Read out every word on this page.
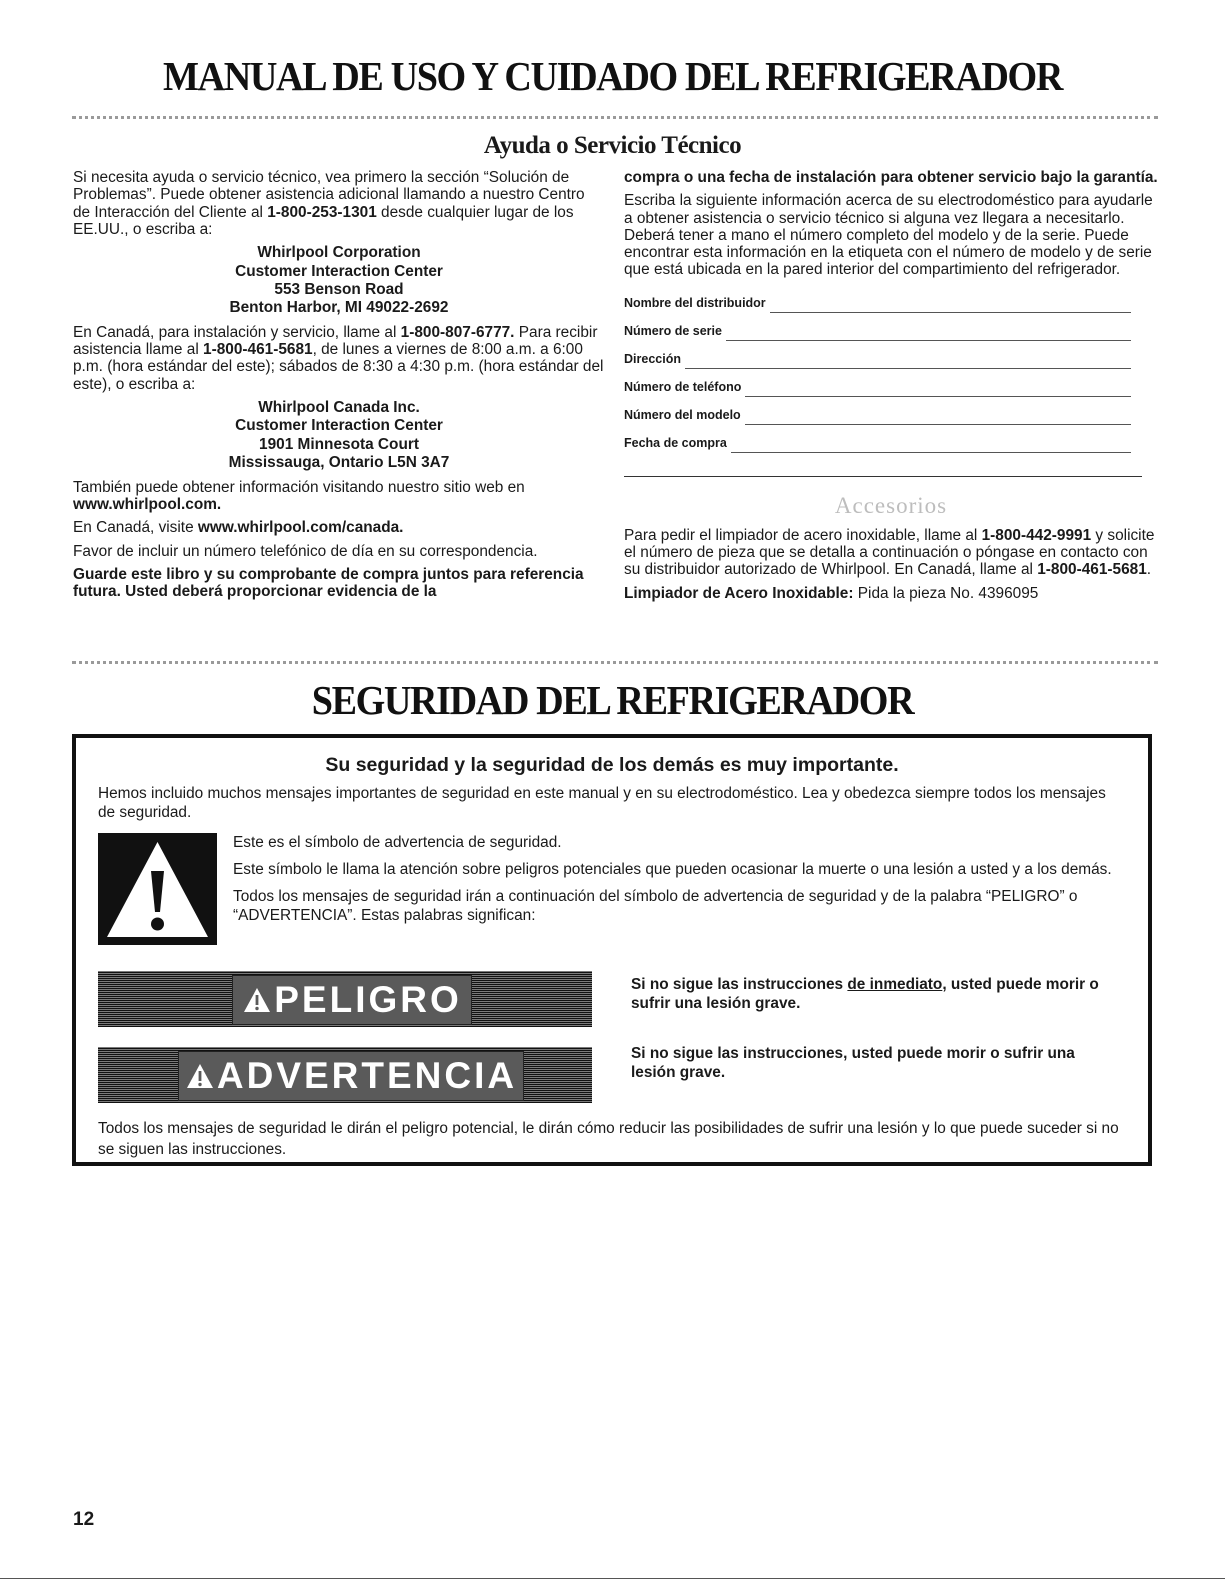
MANUAL DE USO Y CUIDADO DEL REFRIGERADOR
Ayuda o Servicio Técnico

Si necesita ayuda o servicio técnico, vea primero la sección “Solución de Problemas”. Puede obtener asistencia adicional llamando a nuestro Centro de Interacción del Cliente al 1-800-253-1301 desde cualquier lugar de los EE.UU., o escriba a:

Whirlpool Corporation
Customer Interaction Center
553 Benson Road
Benton Harbor, MI 49022-2692

En Canadá, para instalación y servicio, llame al 1-800-807-6777. Para recibir asistencia llame al 1-800-461-5681, de lunes a viernes de 8:00 a.m. a 6:00 p.m. (hora estándar del este); sábados de 8:30 a 4:30 p.m. (hora estándar del este), o escriba a:

Whirlpool Canada Inc.
Customer Interaction Center
1901 Minnesota Court
Mississauga, Ontario L5N 3A7

También puede obtener información visitando nuestro sitio web en www.whirlpool.com.

En Canadá, visite www.whirlpool.com/canada.

Favor de incluir un número telefónico de día en su correspondencia.

Guarde este libro y su comprobante de compra juntos para referencia futura. Usted deberá proporcionar evidencia de la

compra o una fecha de instalación para obtener servicio bajo la garantía.

Escriba la siguiente información acerca de su electrodoméstico para ayudarle a obtener asistencia o servicio técnico si alguna vez llegara a necesitarlo. Deberá tener a mano el número completo del modelo y de la serie. Puede encontrar esta información en la etiqueta con el número de modelo y de serie que está ubicada en la pared interior del compartimiento del refrigerador.

Nombre del distribuidor
Número de serie
Dirección
Número de teléfono
Número del modelo
Fecha de compra
Accesorios

Para pedir el limpiador de acero inoxidable, llame al 1-800-442-9991 y solicite el número de pieza que se detalla a continuación o póngase en contacto con su distribuidor autorizado de Whirlpool. En Canadá, llame al 1-800-461-5681.

Limpiador de Acero Inoxidable: Pida la pieza No. 4396095

SEGURIDAD DEL REFRIGERADOR
Su seguridad y la seguridad de los demás es muy importante.
Hemos incluido muchos mensajes importantes de seguridad en este manual y en su electrodoméstico. Lea y obedezca siempre todos los mensajes de seguridad.

Este es el símbolo de advertencia de seguridad.

Este símbolo le llama la atención sobre peligros potenciales que pueden ocasionar la muerte o una lesión a usted y a los demás.

Todos los mensajes de seguridad irán a continuación del símbolo de advertencia de seguridad y de la palabra “PELIGRO” o “ADVERTENCIA”. Estas palabras significan:

PELIGRO	Si no sigue las instrucciones de inmediato, usted puede morir o sufrir una lesión grave.
ADVERTENCIA
Si no sigue las instrucciones, usted puede morir o sufrir una lesión grave.
Todos los mensajes de seguridad le dirán el peligro potencial, le dirán cómo reducir las posibilidades de sufrir una lesión y lo que puede suceder si no se siguen las instrucciones.
12
